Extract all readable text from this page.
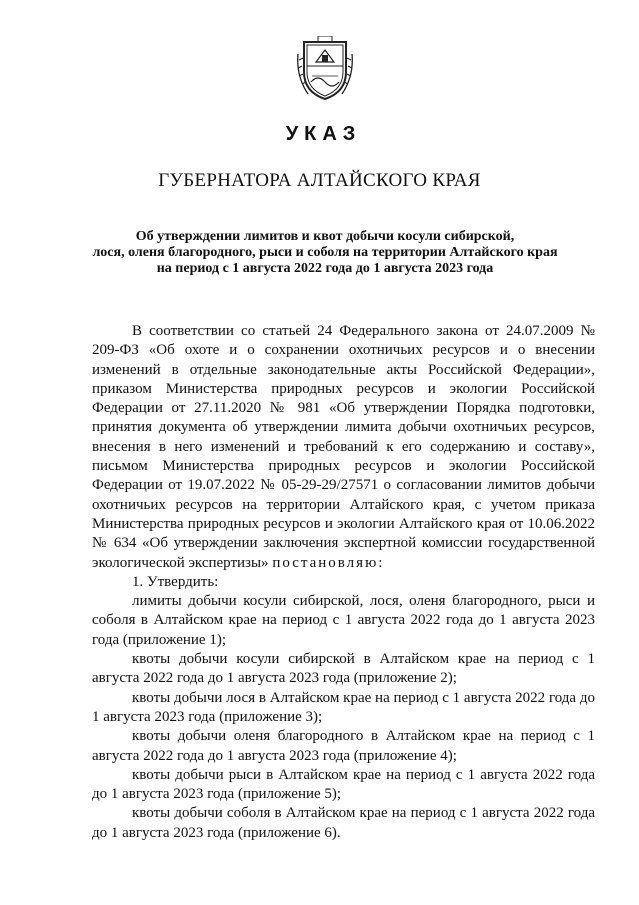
УКАЗ
ГУБЕРНАТОРА АЛТАЙСКОГО КРАЯ
Об утверждении лимитов и квот добычи косули сибирской,
лося, оленя благородного, рыси и соболя на территории Алтайского края
на период с 1 августа 2022 года до 1 августа 2023 года

В соответствии со статьей 24 Федерального закона от 24.07.2009 № 209-ФЗ «Об охоте и о сохранении охотничьих ресурсов и о внесении изменений в отдельные законодательные акты Российской Федерации», приказом Министерства природных ресурсов и экологии Российской Федерации от 27.11.2020 № 981 «Об утверждении Порядка подготовки, принятия документа об утверждении лимита добычи охотничьих ресурсов, внесения в него изменений и требований к его содержанию и составу», письмом Министерства природных ресурсов и экологии Российской Федерации от 19.07.2022 № 05-29-29/27571 о согласовании лимитов добычи охотничьих ресурсов на территории Алтайского края, с учетом приказа Министерства природных ресурсов и экологии Алтайского края от 10.06.2022 № 634 «Об утверждении заключения экспертной комиссии государственной экологической экспертизы» постановляю:

1. Утвердить:

лимиты добычи косули сибирской, лося, оленя благородного, рыси и соболя в Алтайском крае на период с 1 августа 2022 года до 1 августа 2023 года (приложение 1);

квоты добычи косули сибирской в Алтайском крае на период с 1 августа 2022 года до 1 августа 2023 года (приложение 2);

квоты добычи лося в Алтайском крае на период с 1 августа 2022 года до 1 августа 2023 года (приложение 3);

квоты добычи оленя благородного в Алтайском крае на период с 1 августа 2022 года до 1 августа 2023 года (приложение 4);

квоты добычи рыси в Алтайском крае на период с 1 августа 2022 года до 1 августа 2023 года (приложение 5);

квоты добычи соболя в Алтайском крае на период с 1 августа 2022 года до 1 августа 2023 года (приложение 6).
